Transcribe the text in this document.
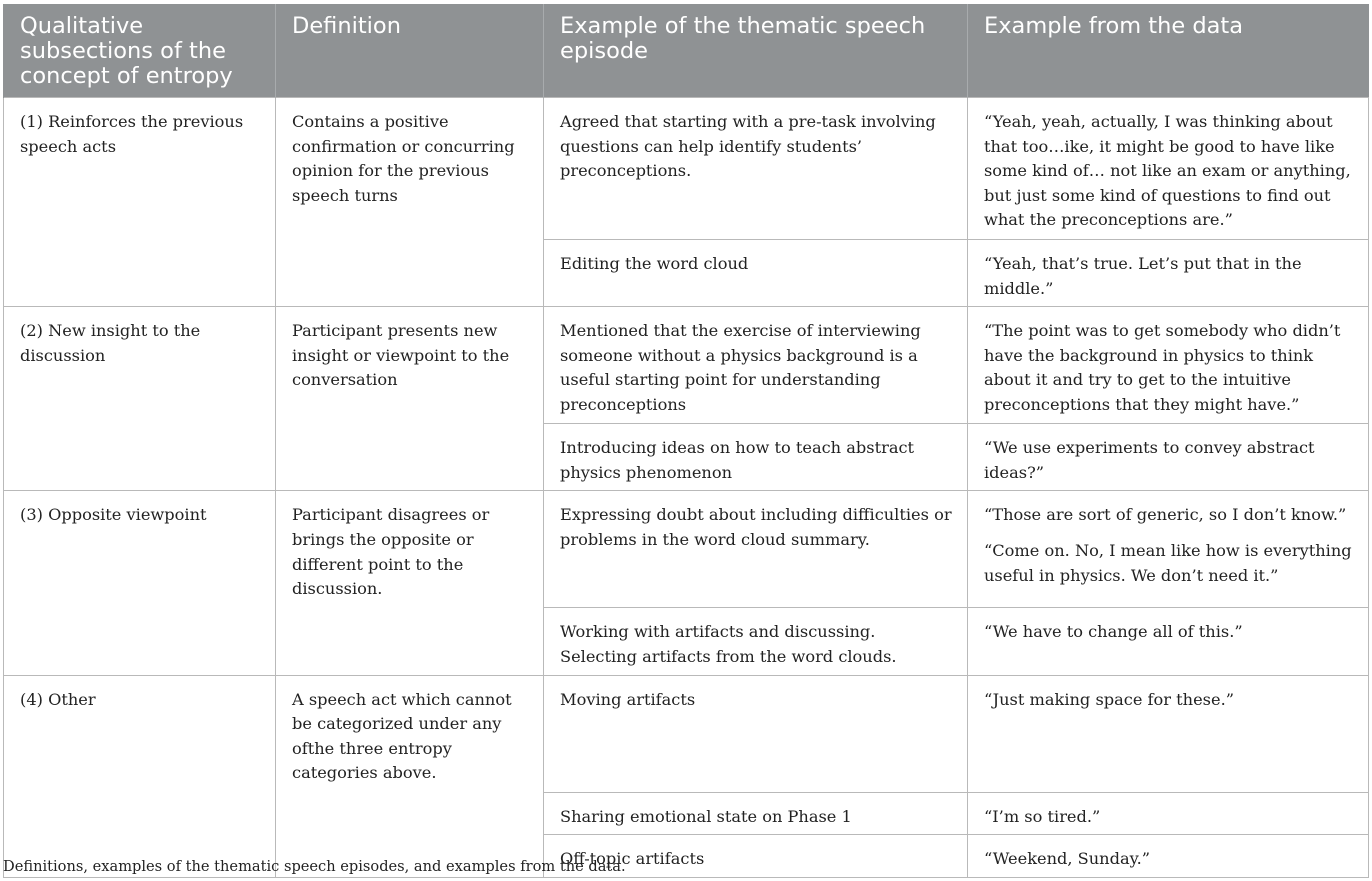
Qualitative subsections of the concept of entropy	Definition	Example of the thematic speech episode	Example from the data
(1) Reinforces the previous speech acts	Contains a positive confirmation or concurring opinion for the previous speech turns	Agreed that starting with a pre-task involving questions can help identify students’ preconceptions.	“Yeah, yeah, actually, I was thinking about that too…ike, it might be good to have like some kind of… not like an exam or anything, but just some kind of questions to find out what the preconceptions are.”

		Editing the word cloud	“Yeah, that’s true. Let’s put that in the middle.”

(2) New insight to the discussion	Participant presents new insight or viewpoint to the conversation	Mentioned that the exercise of interviewing someone without a physics background is a useful starting point for understanding preconceptions	“The point was to get somebody who didn’t have the background in physics to think about it and try to get to the intuitive preconceptions that they might have.”

		Introducing ideas on how to teach abstract physics phenomenon	“We use experiments to convey abstract ideas?”

(3) Opposite viewpoint	Participant disagrees or brings the opposite or different point to the discussion.	Expressing doubt about including difficulties or problems in the word cloud summary.	“Those are sort of generic, so I don’t know.”
“Come on. No, I mean like how is everything useful in physics. We don’t need it.”

		Working with artifacts and discussing. Selecting artifacts from the word clouds.	“We have to change all of this.”

(4) Other	A speech act which cannot be categorized under any ofthe three entropy categories above.	Moving artifacts	“Just making space for these.”

		Sharing emotional state on Phase 1	“I’m so tired.”

		Off-topic artifacts	“Weekend, Sunday.”
Definitions, examples of the thematic speech episodes, and examples from the data.
